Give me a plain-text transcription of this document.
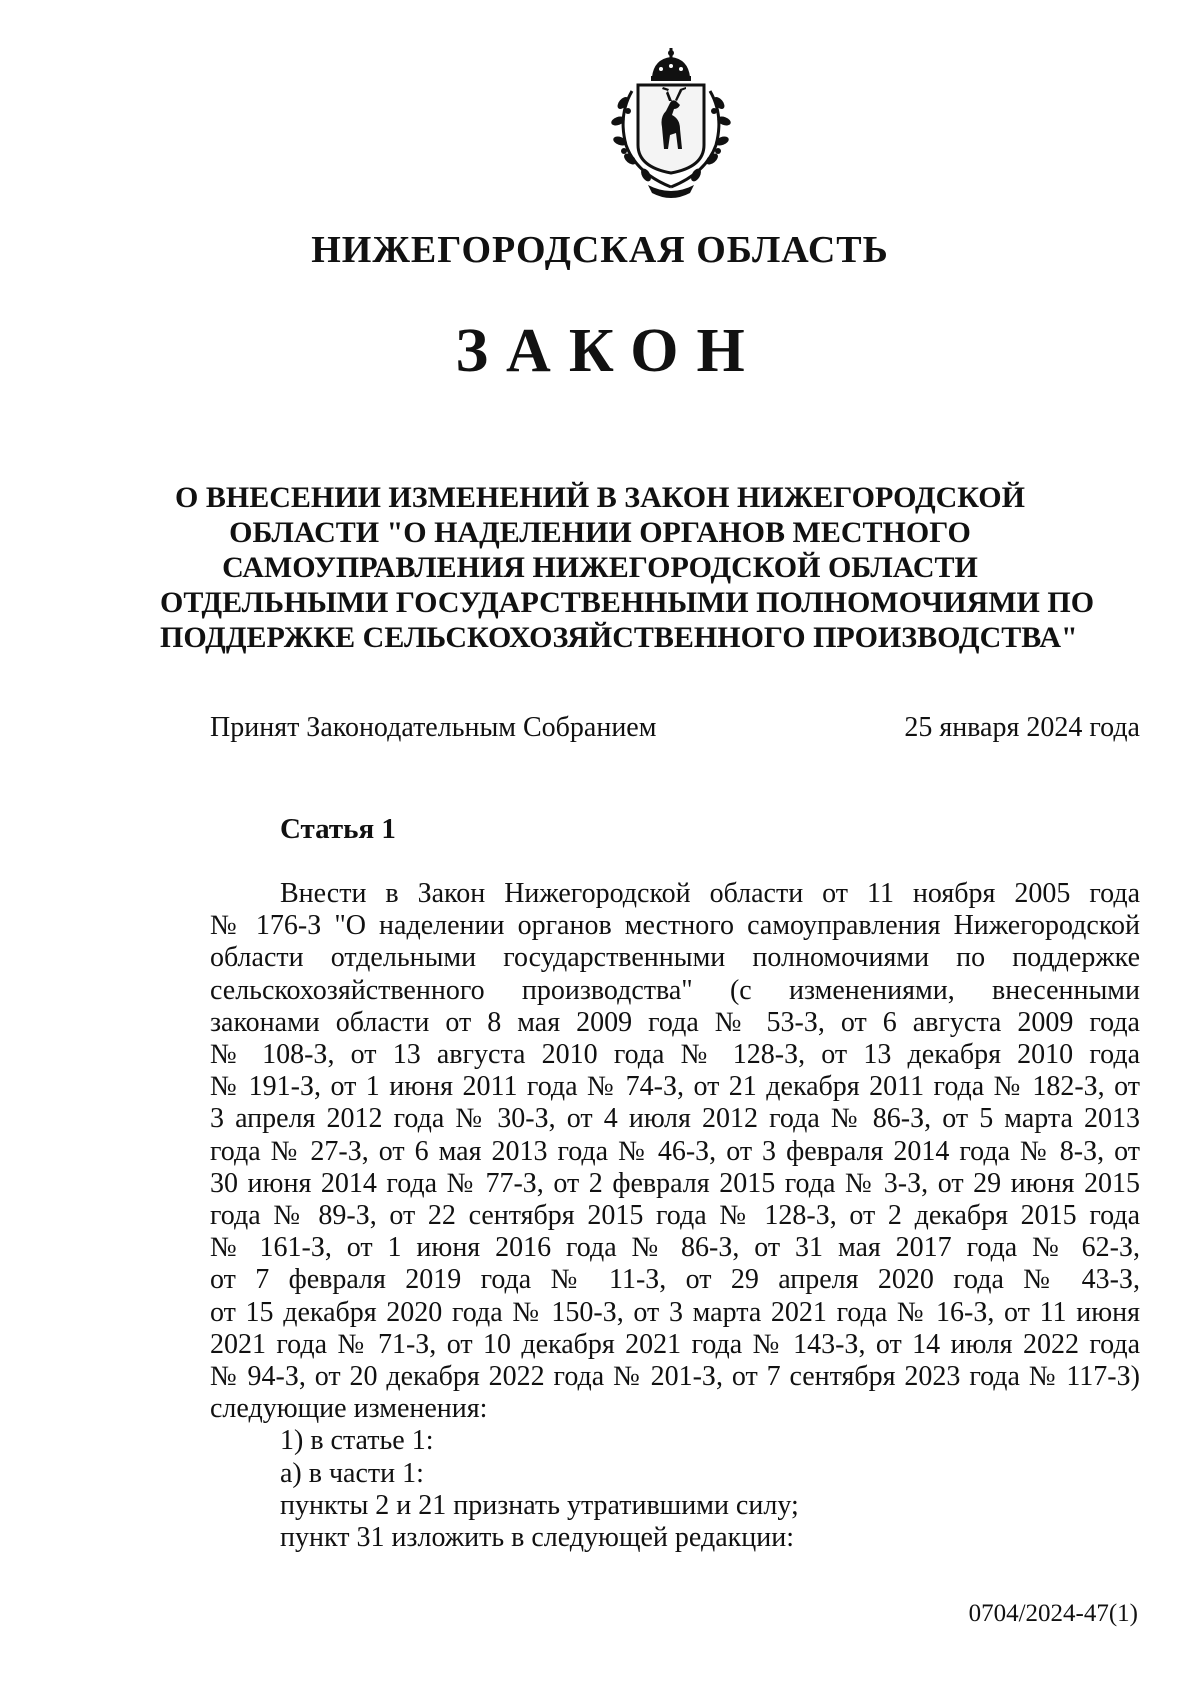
НИЖЕГОРОДСКАЯ ОБЛАСТЬ
ЗАКОН
О ВНЕСЕНИИ ИЗМЕНЕНИЙ В ЗАКОН НИЖЕГОРОДСКОЙ
ОБЛАСТИ "О НАДЕЛЕНИИ ОРГАНОВ МЕСТНОГО
САМОУПРАВЛЕНИЯ НИЖЕГОРОДСКОЙ ОБЛАСТИ
ОТДЕЛЬНЫМИ ГОСУДАРСТВЕННЫМИ ПОЛНОМОЧИЯМИ ПО
ПОДДЕРЖКЕ СЕЛЬСКОХОЗЯЙСТВЕННОГО ПРОИЗВОДСТВА"
Принят Законодательным Собранием	25 января 2024 года
Статья 1
Внести в Закон Нижегородской области от 11 ноября 2005 года
№ 176-З "О наделении органов местного самоуправления Нижегородской
области отдельными государственными полномочиями по поддержке
сельскохозяйственного производства" (с изменениями, внесенными
законами области от 8 мая 2009 года № 53-З, от 6 августа 2009 года
№ 108-З, от 13 августа 2010 года № 128-З, от 13 декабря 2010 года
№ 191-З, от 1 июня 2011 года № 74-З, от 21 декабря 2011 года № 182-З, от
3 апреля 2012 года № 30-З, от 4 июля 2012 года № 86-З, от 5 марта 2013
года № 27-З, от 6 мая 2013 года № 46-З, от 3 февраля 2014 года № 8-З, от
30 июня 2014 года № 77-З, от 2 февраля 2015 года № 3-З, от 29 июня 2015
года № 89-З, от 22 сентября 2015 года № 128-З, от 2 декабря 2015 года
№ 161-З, от 1 июня 2016 года № 86-З, от 31 мая 2017 года № 62-З,
от 7 февраля 2019 года № 11-З, от 29 апреля 2020 года № 43-З,
от 15 декабря 2020 года № 150-З, от 3 марта 2021 года № 16-З, от 11 июня
2021 года № 71-З, от 10 декабря 2021 года № 143-З, от 14 июля 2022 года
№ 94-З, от 20 декабря 2022 года № 201-З, от 7 сентября 2023 года № 117-З)
следующие изменения:
1) в статье 1:
а) в части 1:
пункты 2 и 21 признать утратившими силу;
пункт 31 изложить в следующей редакции:
0704/2024-47(1)
